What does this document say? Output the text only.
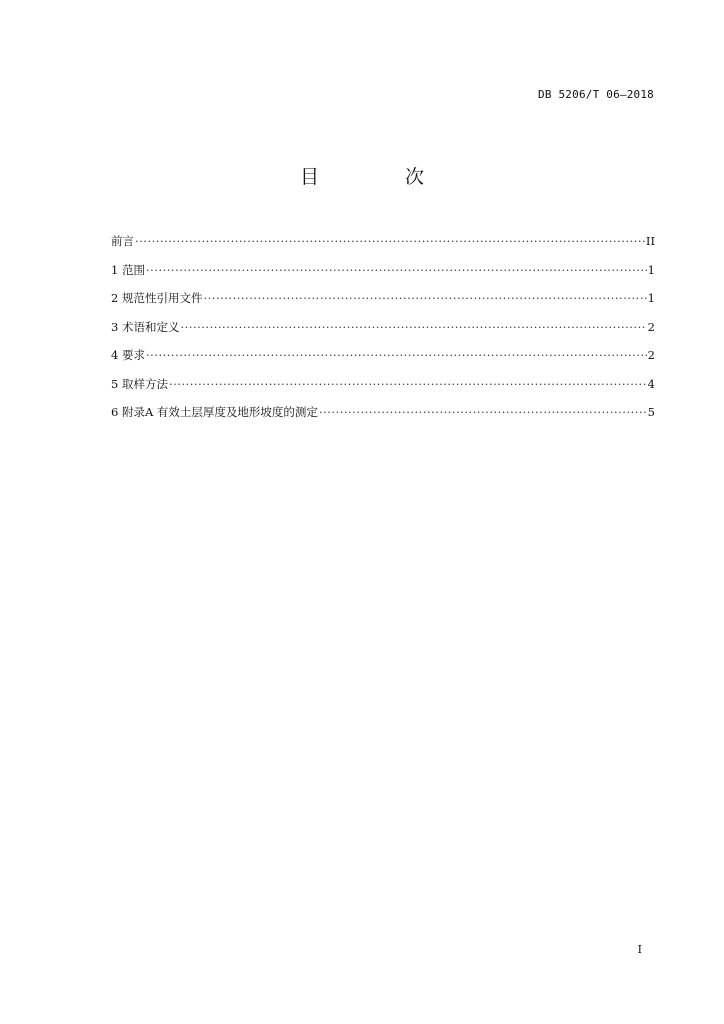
DB 5206/T 06—2018
目 次
前言 ·····	II
1 范围 ·····	1
2 规范性引用文件 ·····	1
3 术语和定义 ·····	2
4 要求 ·····	2
5 取样方法 ·····	4
6 附录A 有效土层厚度及地形坡度的测定 ·····	5
I
